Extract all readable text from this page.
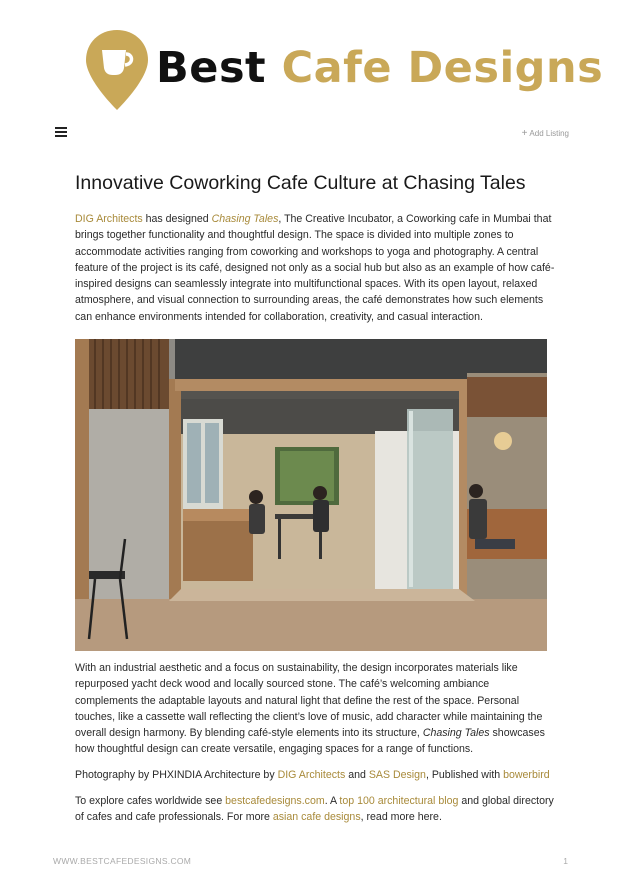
Best Cafe Designs
+ Add Listing
Innovative Coworking Cafe Culture at Chasing Tales

DIG Architects has designed Chasing Tales, The Creative Incubator, a Coworking cafe in Mumbai that brings together functionality and thoughtful design. The space is divided into multiple zones to accommodate activities ranging from coworking and workshops to yoga and photography. A central feature of the project is its café, designed not only as a social hub but also as an example of how café-inspired designs can seamlessly integrate into multifunctional spaces. With its open layout, relaxed atmosphere, and visual connection to surrounding areas, the café demonstrates how such elements can enhance environments intended for collaboration, creativity, and casual interaction.

With an industrial aesthetic and a focus on sustainability, the design incorporates materials like repurposed yacht deck wood and locally sourced stone. The café’s welcoming ambiance complements the adaptable layouts and natural light that define the rest of the space. Personal touches, like a cassette wall reflecting the client’s love of music, add character while maintaining the overall design harmony. By blending café-style elements into its structure, Chasing Tales showcases how thoughtful design can create versatile, engaging spaces for a range of functions.

Photography by PHXINDIA Architecture by DIG Architects and SAS Design, Published with bowerbird

To explore cafes worldwide see bestcafedesigns.com. A top 100 architectural blog and global directory of cafes and cafe professionals. For more asian cafe designs, read more here.

WWW.BESTCAFEDESIGNS.COM	1
